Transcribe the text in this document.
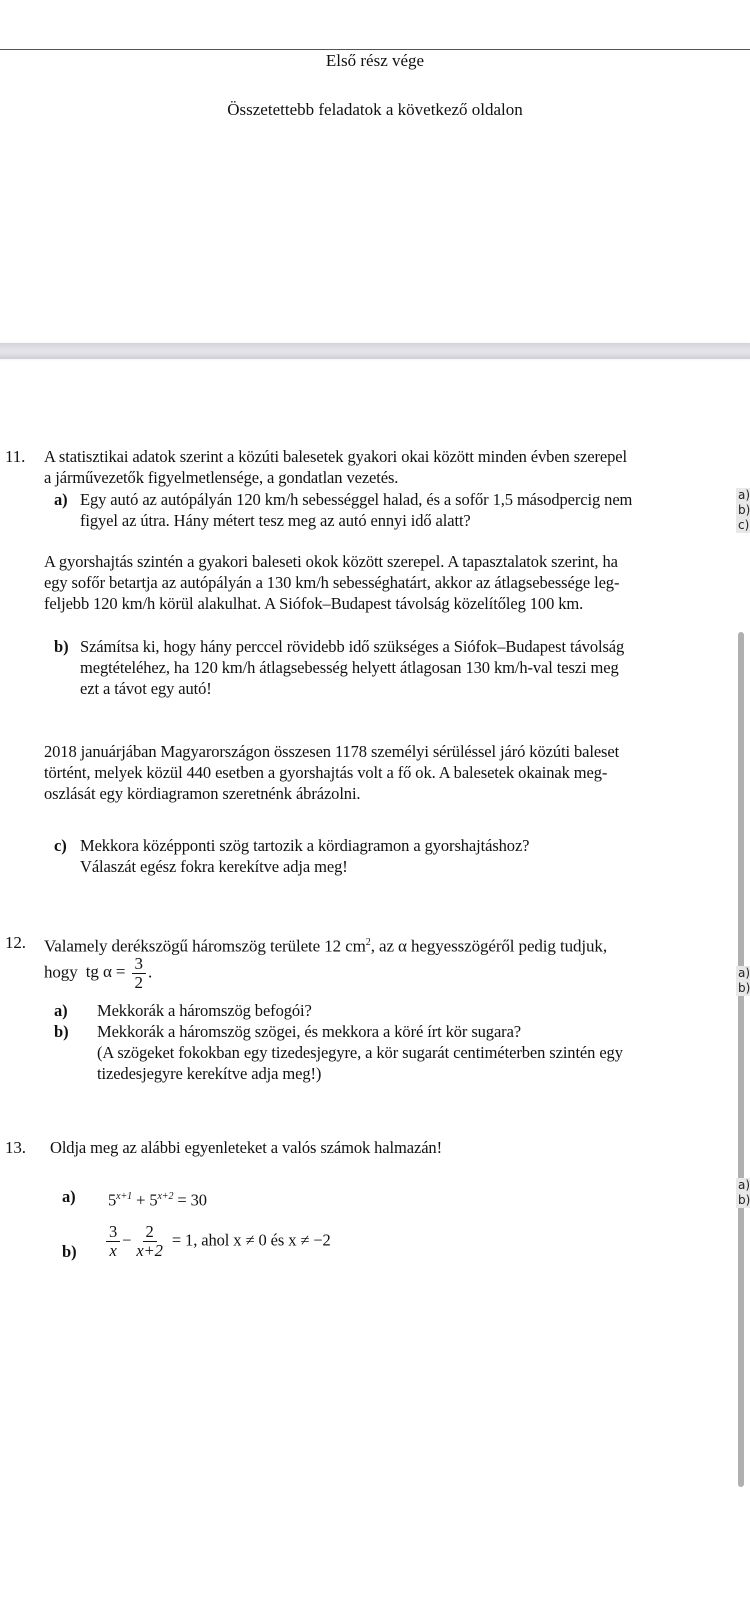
Első rész vége
Összetettebb feladatok a következő oldalon
11. A statisztikai adatok szerint a közúti balesetek gyakori okai között minden évben szerepel
a járművezetők figyelmetlensége, a gondatlan vezetés.
a) Egy autó az autópályán 120 km/h sebességgel halad, és a sofőr 1,5 másodpercig nem
figyel az útra. Hány métert tesz meg az autó ennyi idő alatt?
A gyorshajtás szintén a gyakori baleseti okok között szerepel. A tapasztalatok szerint, ha
egy sofőr betartja az autópályán a 130 km/h sebességhatárt, akkor az átlagsebessége leg-
feljebb 120 km/h körül alakulhat. A Siófok–Budapest távolság közelítőleg 100 km.
b) Számítsa ki, hogy hány perccel rövidebb idő szükséges a Siófok–Budapest távolság
megtételéhez, ha 120 km/h átlagsebesség helyett átlagosan 130 km/h-val teszi meg
ezt a távot egy autó!
2018 januárjában Magyarországon összesen 1178 személyi sérüléssel járó közúti baleset
történt, melyek közül 440 esetben a gyorshajtás volt a fő ok. A balesetek okainak meg-
oszlását egy kördiagramon szeretnénk ábrázolni.
c) Mekkora középponti szög tartozik a kördiagramon a gyorshajtáshoz?
Válaszát egész fokra kerekítve adja meg!
a)
b)
c)
12. Valamely derékszögű háromszög területe 12 $cm^2$, az α hegyesszögéről pedig tudjuk,
hogy tg $\alpha = \frac{3}{2}$ .
a) Mekkorák a háromszög befogói?
b) Mekkorák a háromszög szögei, és mekkora a köré írt kör sugara?
(A szögeket fokokban egy tizedesjegyre, a kör sugarát centiméterben szintén egy
tizedesjegyre kerekítve adja meg!)
a)
b)
13. Oldja meg az alábbi egyenleteket a valós számok halmazán!
a) $5^{x+1} + 5^{x+2} = 30$
$b) \frac{3}{x} - \frac{2}{x+2} = 1$, ahol x ≠ 0 és x ≠ −2
a)
b)
